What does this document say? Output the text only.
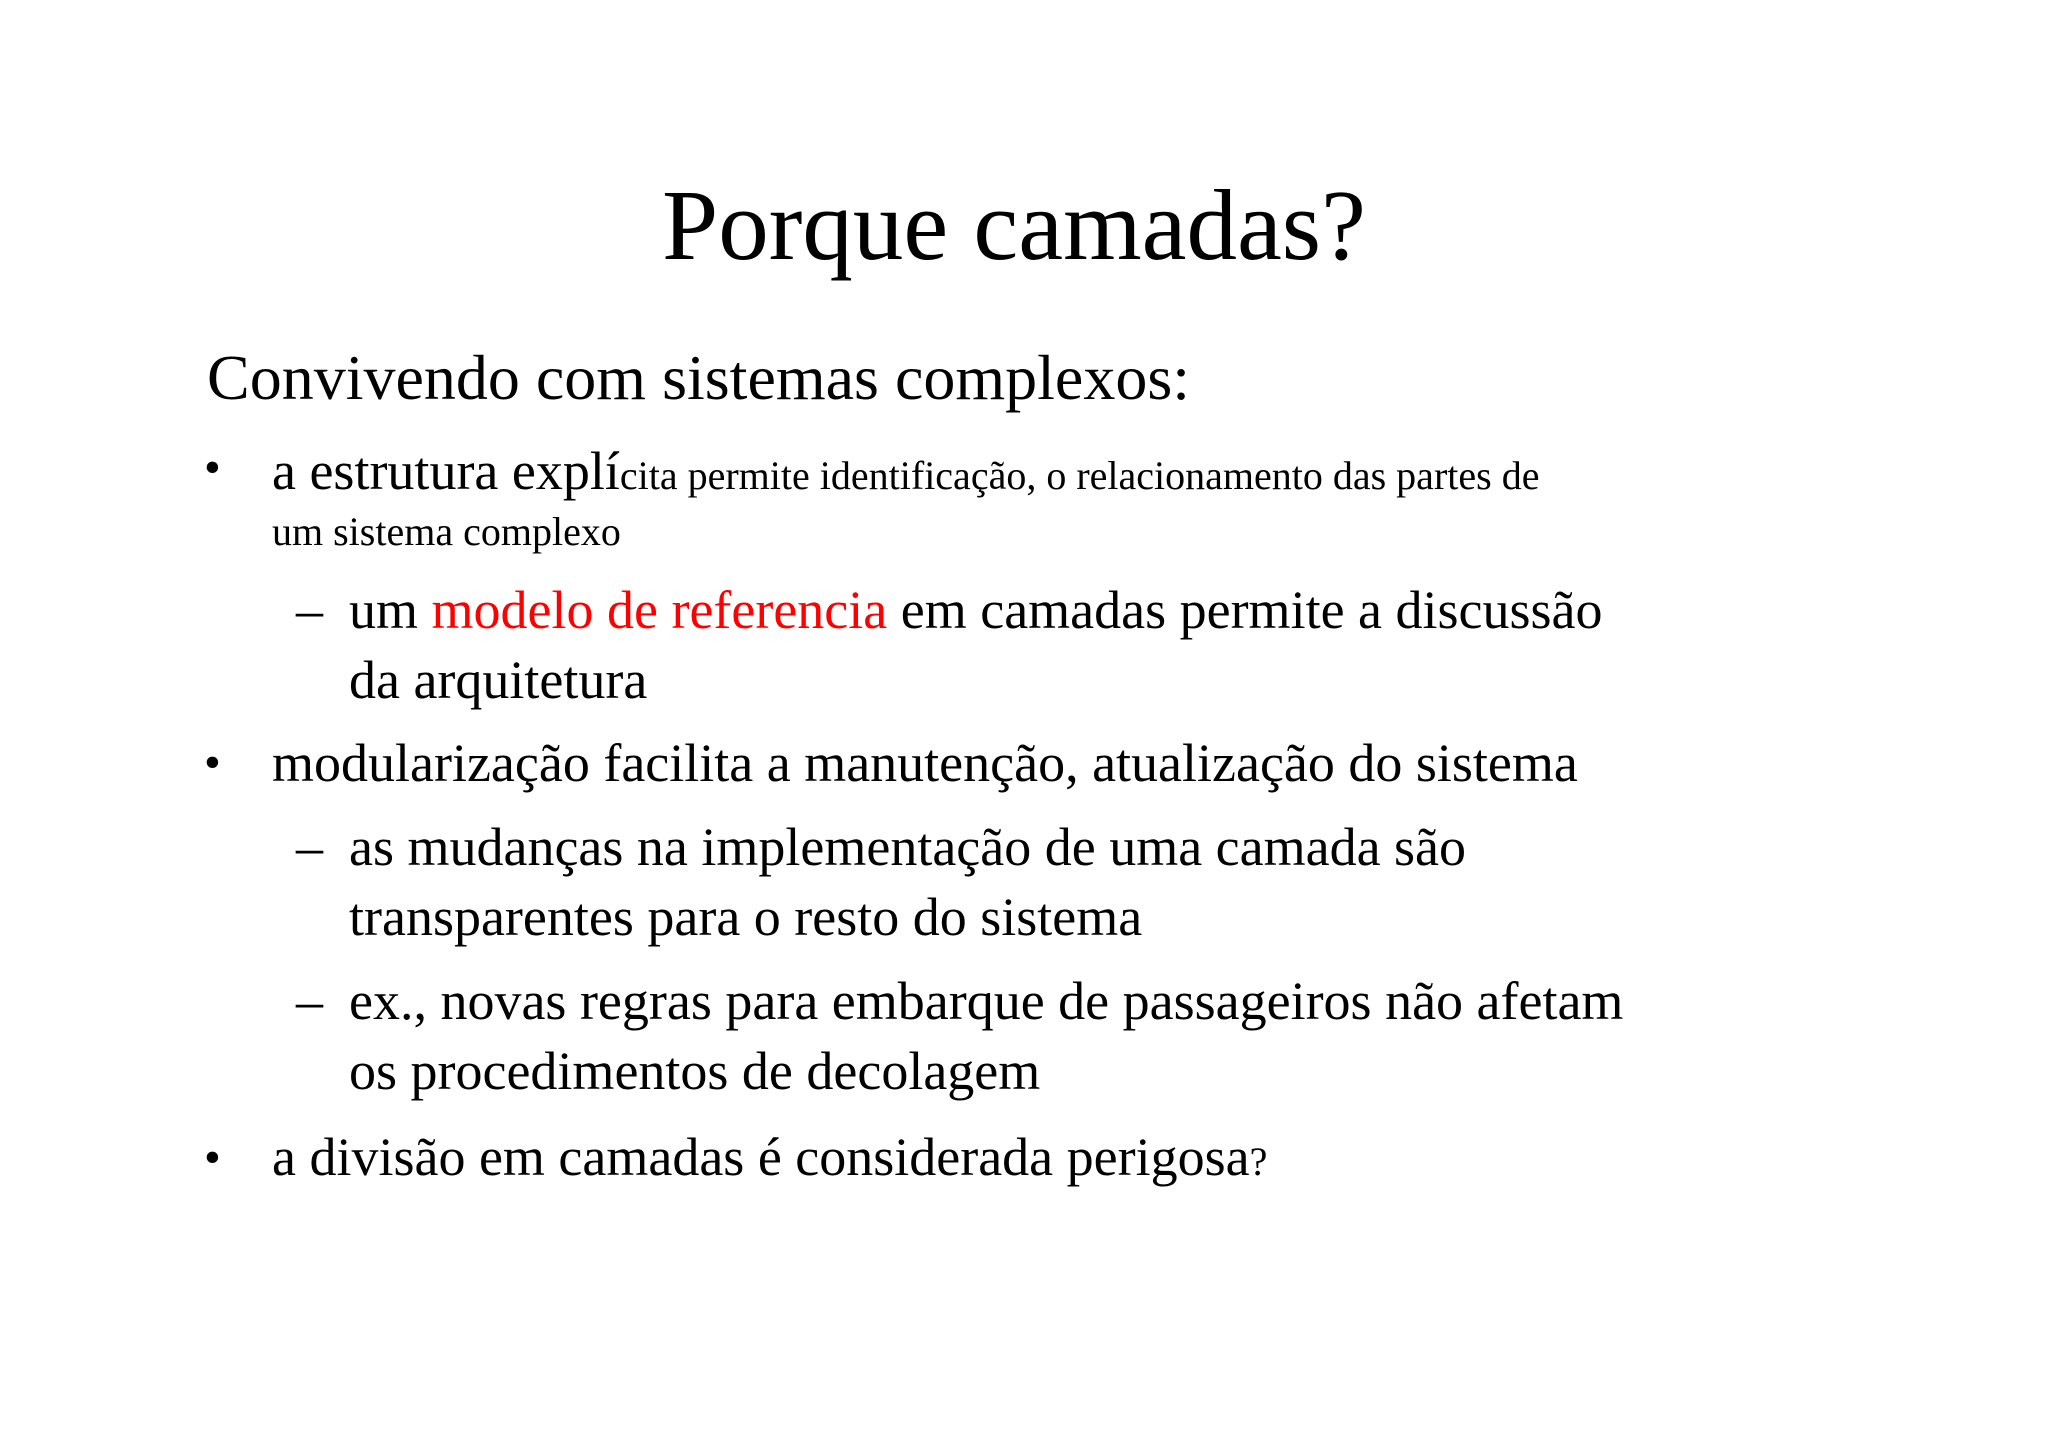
Porque camadas?
Convivendo com sistemas complexos:
• a estrutura explícita permite identificação, o relacionamento das partes de
um sistema complexo
– um modelo de referencia em camadas permite a discussão
da arquitetura
• modularização facilita a manutenção, atualização do sistema
– as mudanças na implementação de uma camada são
transparentes para o resto do sistema
– ex., novas regras para embarque de passageiros não afetam
os procedimentos de decolagem
• a divisão em camadas é considerada perigosa?
